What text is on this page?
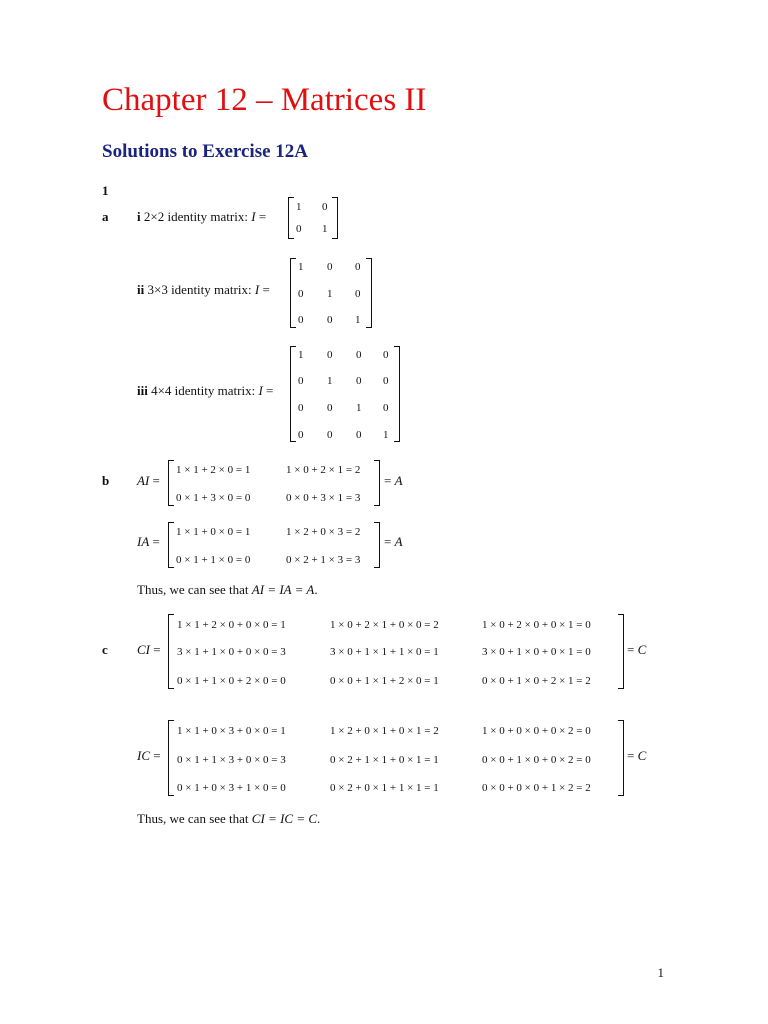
Chapter 12 – Matrices II
Solutions to Exercise 12A
1
a i 2×2 identity matrix: I =
1 0
0 1
ii 3×3 identity matrix: I =
1 0 0
0 1 0
0 0 1
iii 4×4 identity matrix: I =
1 0 0 0
0 1 0 0
0 0 1 0
0 0 0 1
b AI =
1 × 1 + 2 × 0 = 1	1 × 0 + 2 × 1 = 2
0 × 1 + 3 × 0 = 0	0 × 0 + 3 × 1 = 3
= A
IA =
1 × 1 + 0 × 0 = 1	1 × 2 + 0 × 3 = 2
0 × 1 + 1 × 0 = 0	0 × 2 + 1 × 3 = 3
= A
Thus, we can see that AI = IA = A.
c CI =
1 × 1 + 2 × 0 + 0 × 0 = 1	1 × 0 + 2 × 1 + 0 × 0 = 2	1 × 0 + 2 × 0 + 0 × 1 = 0
3 × 1 + 1 × 0 + 0 × 0 = 3	3 × 0 + 1 × 1 + 1 × 0 = 1	3 × 0 + 1 × 0 + 0 × 1 = 0
0 × 1 + 1 × 0 + 2 × 0 = 0	0 × 0 + 1 × 1 + 2 × 0 = 1	0 × 0 + 1 × 0 + 2 × 1 = 2
= C
IC =
1 × 1 + 0 × 3 + 0 × 0 = 1	1 × 2 + 0 × 1 + 0 × 1 = 2	1 × 0 + 0 × 0 + 0 × 2 = 0
0 × 1 + 1 × 3 + 0 × 0 = 3	0 × 2 + 1 × 1 + 0 × 1 = 1	0 × 0 + 1 × 0 + 0 × 2 = 0
0 × 1 + 0 × 3 + 1 × 0 = 0	0 × 2 + 0 × 1 + 1 × 1 = 1	0 × 0 + 0 × 0 + 1 × 2 = 2
= C
Thus, we can see that CI = IC = C.
1
